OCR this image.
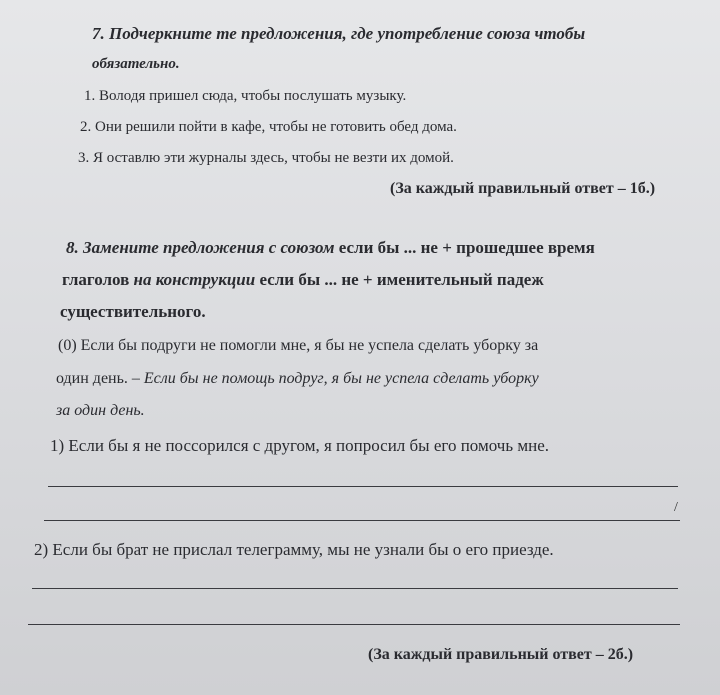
7. Подчеркните те предложения, где употребление союза чтобы
обязательно.
1. Володя пришел сюда, чтобы послушать музыку.
2. Они решили пойти в кафе, чтобы не готовить обед дома.
3. Я оставлю эти журналы здесь, чтобы не везти их домой.
(За каждый правильный ответ – 1б.)
8. Замените предложения с союзом если бы ... не + прошедшее время
глаголов на конструкции если бы ... не + именительный падеж
существительного.
(0) Если бы подруги не помогли мне, я бы не успела сделать уборку за
один день. – Если бы не помощь подруг, я бы не успела сделать уборку
за один день.
1) Если бы я не поссорился с другом, я попросил бы его помочь мне.
/
2) Если бы брат не прислал телеграмму, мы не узнали бы о его приезде.
(За каждый правильный ответ – 2б.)
